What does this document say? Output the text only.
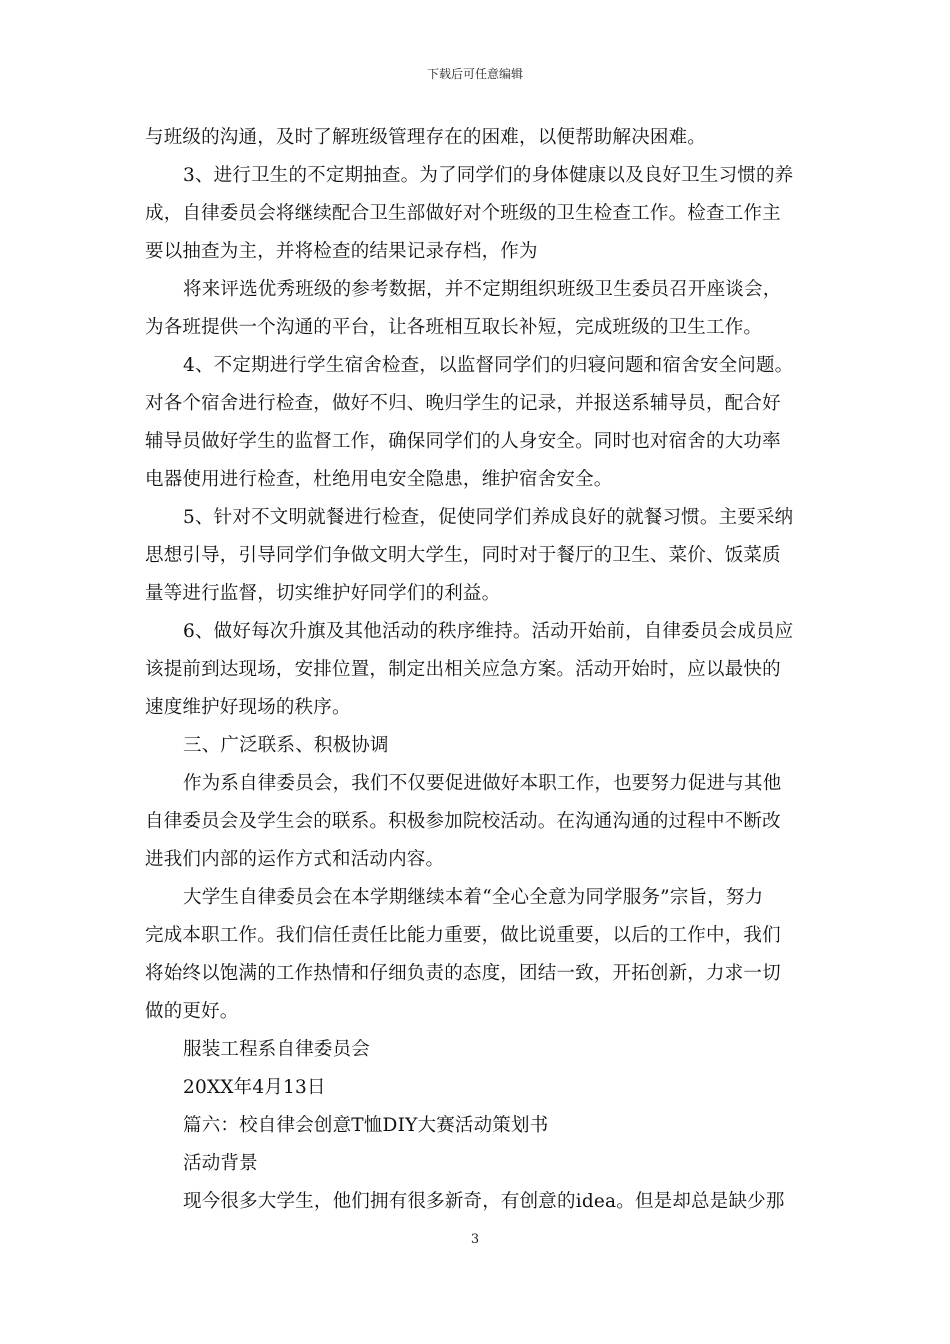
下载后可任意编辑
与班级的沟通，及时了解班级管理存在的困难，以便帮助解决困难。
3、进行卫生的不定期抽查。为了同学们的身体健康以及良好卫生习惯的养
成，自律委员会将继续配合卫生部做好对个班级的卫生检查工作。检查工作主
要以抽查为主，并将检查的结果记录存档，作为
将来评选优秀班级的参考数据，并不定期组织班级卫生委员召开座谈会，
为各班提供一个沟通的平台，让各班相互取长补短，完成班级的卫生工作。
4、不定期进行学生宿舍检查，以监督同学们的归寝问题和宿舍安全问题。
对各个宿舍进行检查，做好不归、晚归学生的记录，并报送系辅导员，配合好
辅导员做好学生的监督工作，确保同学们的人身安全。同时也对宿舍的大功率
电器使用进行检查，杜绝用电安全隐患，维护宿舍安全。
5、针对不文明就餐进行检查，促使同学们养成良好的就餐习惯。主要采纳
思想引导，引导同学们争做文明大学生，同时对于餐厅的卫生、菜价、饭菜质
量等进行监督，切实维护好同学们的利益。
6、做好每次升旗及其他活动的秩序维持。活动开始前，自律委员会成员应
该提前到达现场，安排位置，制定出相关应急方案。活动开始时，应以最快的
速度维护好现场的秩序。
三、广泛联系、积极协调
作为系自律委员会，我们不仅要促进做好本职工作，也要努力促进与其他
自律委员会及学生会的联系。积极参加院校活动。在沟通沟通的过程中不断改
进我们内部的运作方式和活动内容。
大学生自律委员会在本学期继续本着“全心全意为同学服务”宗旨，努力
完成本职工作。我们信任责任比能力重要，做比说重要，以后的工作中，我们
将始终以饱满的工作热情和仔细负责的态度，团结一致，开拓创新，力求一切
做的更好。
服装工程系自律委员会
20XX年4月13日
篇六：校自律会创意T恤DIY大赛活动策划书
活动背景
现今很多大学生，他们拥有很多新奇，有创意的idea。但是却总是缺少那
3
